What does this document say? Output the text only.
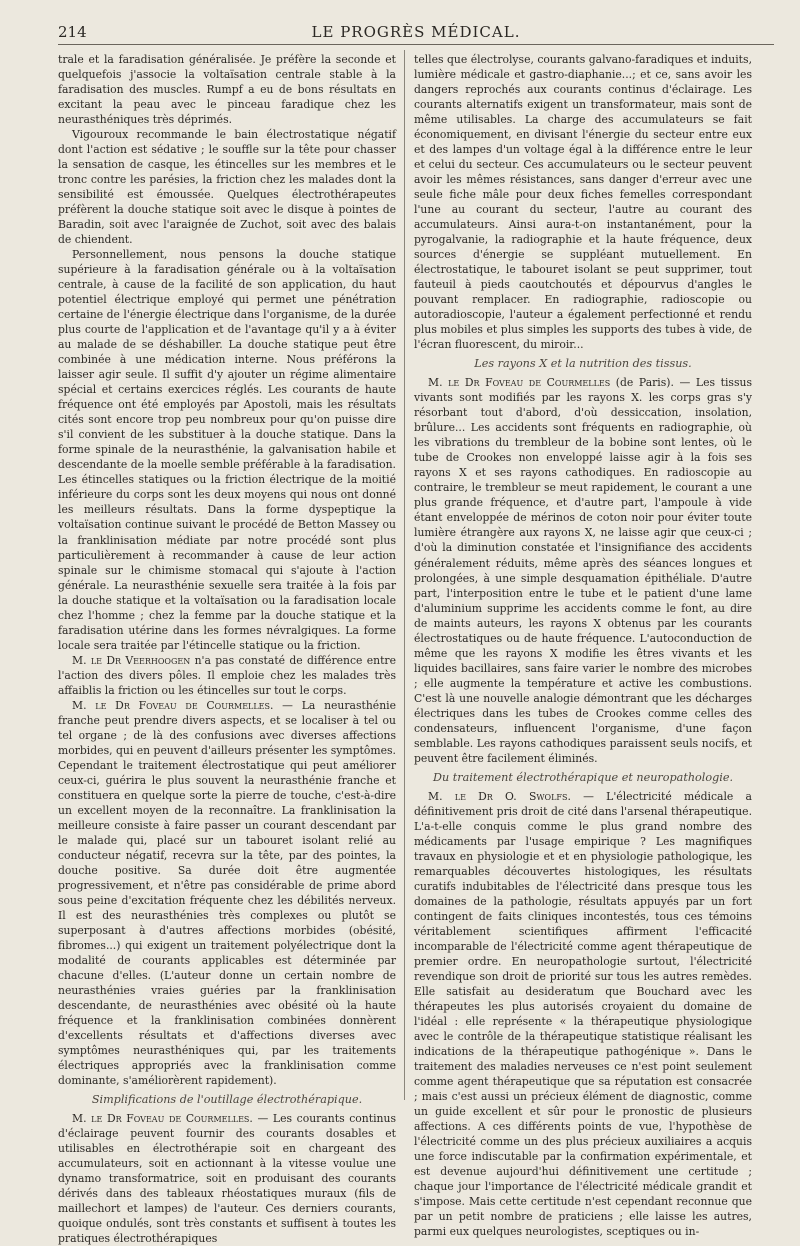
214	LE PROGRÈS MÉDICAL.

trale et la faradisation généralisée. Je préfère la seconde et quelquefois j'associe la voltaïsation centrale stable à la faradisation des muscles. Rumpf a eu de bons résultats en excitant la peau avec le pinceau faradique chez les neurasthéniques très déprimés.

Vigouroux recommande le bain électrostatique négatif dont l'action est sédative ; le souffle sur la tête pour chasser la sensation de casque, les étincelles sur les membres et le tronc contre les parésies, la friction chez les malades dont la sensibilité est émoussée. Quelques électrothérapeutes préfèrent la douche statique soit avec le disque à pointes de Baradin, soit avec l'araignée de Zuchot, soit avec des balais de chiendent.

Personnellement, nous pensons la douche statique supérieure à la faradisation générale ou à la voltaïsation centrale, à cause de la facilité de son application, du haut potentiel électrique employé qui permet une pénétration certaine de l'énergie électrique dans l'organisme, de la durée plus courte de l'application et de l'avantage qu'il y a à éviter au malade de se déshabiller. La douche statique peut être combinée à une médication interne. Nous préférons la laisser agir seule. Il suffit d'y ajouter un régime alimentaire spécial et certains exercices réglés. Les courants de haute fréquence ont été employés par Apostoli, mais les résultats cités sont encore trop peu nombreux pour qu'on puisse dire s'il convient de les substituer à la douche statique. Dans la forme spinale de la neurasthénie, la galvanisation habile et descendante de la moelle semble préférable à la faradisation. Les étincelles statiques ou la friction électrique de la moitié inférieure du corps sont les deux moyens qui nous ont donné les meilleurs résultats. Dans la forme dyspeptique la voltaïsation continue suivant le procédé de Betton Massey ou la franklinisation médiate par notre procédé sont plus particulièrement à recommander à cause de leur action spinale sur le chimisme stomacal qui s'ajoute à l'action générale. La neurasthénie sexuelle sera traitée à la fois par la douche statique et la voltaïsation ou la faradisation locale chez l'homme ; chez la femme par la douche statique et la faradisation utérine dans les formes névralgiques. La forme locale sera traitée par l'étincelle statique ou la friction.

M. le Dr Veerhoogen n'a pas constaté de différence entre l'action des divers pôles. Il emploie chez les malades très affaiblis la friction ou les étincelles sur tout le corps.

M. le Dr Foveau de Courmelles. — La neurasthénie franche peut prendre divers aspects, et se localiser à tel ou tel organe ; de là des confusions avec diverses affections morbides, qui en peuvent d'ailleurs présenter les symptômes. Cependant le traitement électrostatique qui peut améliorer ceux-ci, guérira le plus souvent la neurasthénie franche et constituera en quelque sorte la pierre de touche, c'est-à-dire un excellent moyen de la reconnaître. La franklinisation la meilleure consiste à faire passer un courant descendant par le malade qui, placé sur un tabouret isolant relié au conducteur négatif, recevra sur la tête, par des pointes, la douche positive. Sa durée doit être augmentée progressivement, et n'être pas considérable de prime abord sous peine d'excitation fréquente chez les débilités nerveux. Il est des neurasthénies très complexes ou plutôt se superposant à d'autres affections morbides (obésité, fibromes...) qui exigent un traitement polyélectrique dont la modalité de courants applicables est déterminée par chacune d'elles. (L'auteur donne un certain nombre de neurasthénies vraies guéries par la franklinisation descendante, de neurasthénies avec obésité où la haute fréquence et la franklinisation combinées donnèrent d'excellents résultats et d'affections diverses avec symptômes neurasthéniques qui, par les traitements électriques appropriés avec la franklinisation comme dominante, s'améliorèrent rapidement).

Simplifications de l'outillage électrothérapique.

M. le Dr Foveau de Courmelles. — Les courants continus d'éclairage peuvent fournir des courants dosables et utilisables en électrothérapie soit en chargeant des accumulateurs, soit en actionnant à la vitesse voulue une dynamo transformatrice, soit en produisant des courants dérivés dans des tableaux rhéostatiques muraux (fils de maillechort et lampes) de l'auteur. Ces derniers courants, quoique ondulés, sont très constants et suffisent à toutes les pratiques électrothérapiques

telles que électrolyse, courants galvano-faradiques et induits, lumière médicale et gastro-diaphanie...; et ce, sans avoir les dangers reprochés aux courants continus d'éclairage. Les courants alternatifs exigent un transformateur, mais sont de même utilisables. La charge des accumulateurs se fait économiquement, en divisant l'énergie du secteur entre eux et des lampes d'un voltage égal à la différence entre le leur et celui du secteur. Ces accumulateurs ou le secteur peuvent avoir les mêmes résistances, sans danger d'erreur avec une seule fiche mâle pour deux fiches femelles correspondant l'une au courant du secteur, l'autre au courant des accumulateurs. Ainsi aura-t-on instantanément, pour la pyrogalvanie, la radiographie et la haute fréquence, deux sources d'énergie se suppléant mutuellement. En électrostatique, le tabouret isolant se peut supprimer, tout fauteuil à pieds caoutchoutés et dépourvus d'angles le pouvant remplacer. En radiographie, radioscopie ou autoradioscopie, l'auteur a également perfectionné et rendu plus mobiles et plus simples les supports des tubes à vide, de l'écran fluorescent, du miroir...

Les rayons X et la nutrition des tissus.

M. le Dr Foveau de Courmelles (de Paris). — Les tissus vivants sont modifiés par les rayons X. les corps gras s'y résorbant tout d'abord, d'où dessiccation, insolation, brûlure... Les accidents sont fréquents en radiographie, où les vibrations du trembleur de la bobine sont lentes, où le tube de Crookes non enveloppé laisse agir à la fois ses rayons X et ses rayons cathodiques. En radioscopie au contraire, le trembleur se meut rapidement, le courant a une plus grande fréquence, et d'autre part, l'ampoule à vide étant enveloppée de mérinos de coton noir pour éviter toute lumière étrangère aux rayons X, ne laisse agir que ceux-ci ; d'où la diminution constatée et l'insignifiance des accidents généralement réduits, même après des séances longues et prolongées, à une simple desquamation épithéliale. D'autre part, l'interposition entre le tube et le patient d'une lame d'aluminium supprime les accidents comme le font, au dire de maints auteurs, les rayons X obtenus par les courants électrostatiques ou de haute fréquence. L'autoconduction de même que les rayons X modifie les êtres vivants et les liquides bacillaires, sans faire varier le nombre des microbes ; elle augmente la température et active les combustions. C'est là une nouvelle analogie démontrant que les décharges électriques dans les tubes de Crookes comme celles des condensateurs, influencent l'organisme, d'une façon semblable. Les rayons cathodiques paraissent seuls nocifs, et peuvent être facilement éliminés.

Du traitement électrothérapique et neuropathologie.

M. le Dr O. Swolfs. — L'électricité médicale a définitivement pris droit de cité dans l'arsenal thérapeutique. L'a-t-elle conquis comme le plus grand nombre des médicaments par l'usage empirique ? Les magnifiques travaux en physiologie et et en physiologie pathologique, les remarquables découvertes histologiques, les résultats curatifs indubitables de l'électricité dans presque tous les domaines de la pathologie, résultats appuyés par un fort contingent de faits cliniques incontestés, tous ces témoins véritablement scientifiques affirment l'efficacité incomparable de l'électricité comme agent thérapeutique de premier ordre. En neuropathologie surtout, l'électricité revendique son droit de priorité sur tous les autres remèdes. Elle satisfait au desideratum que Bouchard avec les thérapeutes les plus autorisés croyaient du domaine de l'idéal : elle représente « la thérapeutique physiologique avec le contrôle de la thérapeutique statistique réalisant les indications de la thérapeutique pathogénique ». Dans le traitement des maladies nerveuses ce n'est point seulement comme agent thérapeutique que sa réputation est consacrée ; mais c'est aussi un précieux élément de diagnostic, comme un guide excellent et sûr pour le pronostic de plusieurs affections. A ces différents points de vue, l'hypothèse de l'électricité comme un des plus précieux auxiliaires a acquis une force indiscutable par la confirmation expérimentale, et est devenue aujourd'hui définitivement une certitude ; chaque jour l'importance de l'électricité médicale grandit et s'impose. Mais cette certitude n'est cependant reconnue que par un petit nombre de praticiens ; elle laisse les autres, parmi eux quelques neurologistes, sceptiques ou in-
